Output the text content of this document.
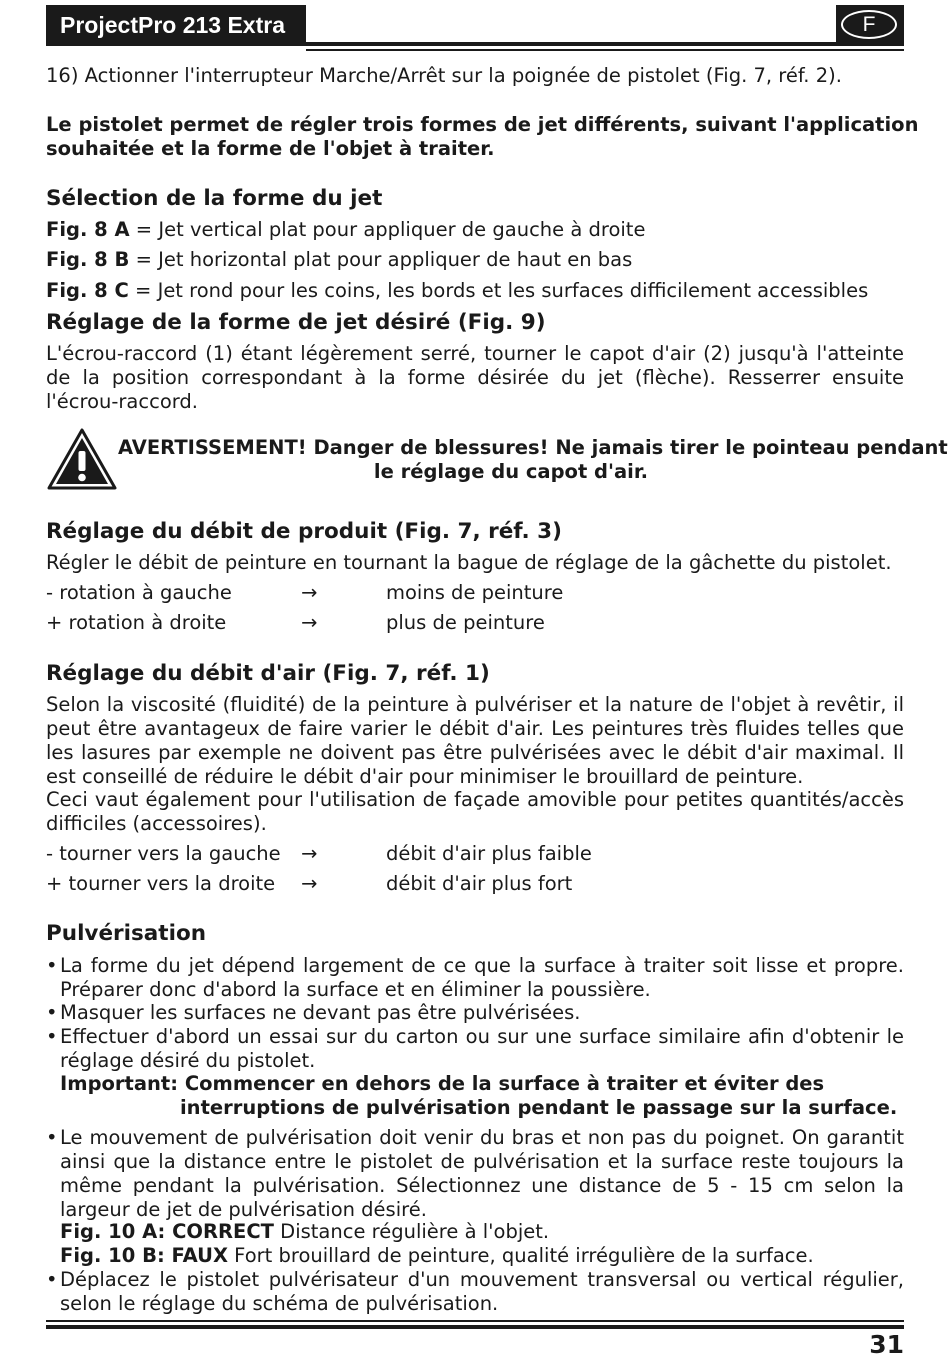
ProjectPro 213 Extra	F
16) Actionner l'interrupteur Marche/Arrêt sur la poignée de pistolet (Fig. 7, réf. 2).
Le pistolet permet de régler trois formes de jet différents, suivant l'application
souhaitée et la forme de l'objet à traiter.
Sélection de la forme du jet
Fig. 8 A = Jet vertical plat pour appliquer de gauche à droite
Fig. 8 B = Jet horizontal plat pour appliquer de haut en bas
Fig. 8 C = Jet rond pour les coins, les bords et les surfaces difficilement accessibles
Réglage de la forme de jet désiré (Fig. 9)
L'écrou-raccord (1) étant légèrement serré, tourner le capot d'air (2) jusqu'à l'atteinte de la position correspondant à la forme désirée du jet (flèche). Resserrer ensuite l'écrou-raccord.
AVERTISSEMENT! Danger de blessures! Ne jamais tirer le pointeau pendant
le réglage du capot d'air.
Réglage du débit de produit (Fig. 7, réf. 3)
Régler le débit de peinture en tournant la bague de réglage de la gâchette du pistolet.
- rotation à gauche	→	moins de peinture
+ rotation à droite	→	plus de peinture
Réglage du débit d'air (Fig. 7, réf. 1)
Selon la viscosité (fluidité) de la peinture à pulvériser et la nature de l'objet à revêtir, il peut être avantageux de faire varier le débit d'air. Les peintures très fluides telles que les lasures par exemple ne doivent pas être pulvérisées avec le débit d'air maximal. Il est conseillé de réduire le débit d'air pour minimiser le brouillard de peinture.
Ceci vaut également pour l'utilisation de façade amovible pour petites quantités/accès difficiles (accessoires).
- tourner vers la gauche →	débit d'air plus faible
+ tourner vers la droite →	débit d'air plus fort
Pulvérisation
• La forme du jet dépend largement de ce que la surface à traiter soit lisse et propre. Préparer donc d'abord la surface et en éliminer la poussière.
• Masquer les surfaces ne devant pas être pulvérisées.
• Effectuer d'abord un essai sur du carton ou sur une surface similaire afin d'obtenir le réglage désiré du pistolet.
Important: Commencer en dehors de la surface à traiter et éviter des
interruptions de pulvérisation pendant le passage sur la surface.
• Le mouvement de pulvérisation doit venir du bras et non pas du poignet. On garantit ainsi que la distance entre le pistolet de pulvérisation et la surface reste toujours la même pendant la pulvérisation. Sélectionnez une distance de 5 - 15 cm selon la largeur de jet de pulvérisation désiré.
Fig. 10 A: CORRECT Distance régulière à l'objet.
Fig. 10 B: FAUX Fort brouillard de peinture, qualité irrégulière de la surface.
• Déplacez le pistolet pulvérisateur d'un mouvement transversal ou vertical régulier, selon le réglage du schéma de pulvérisation.
31
